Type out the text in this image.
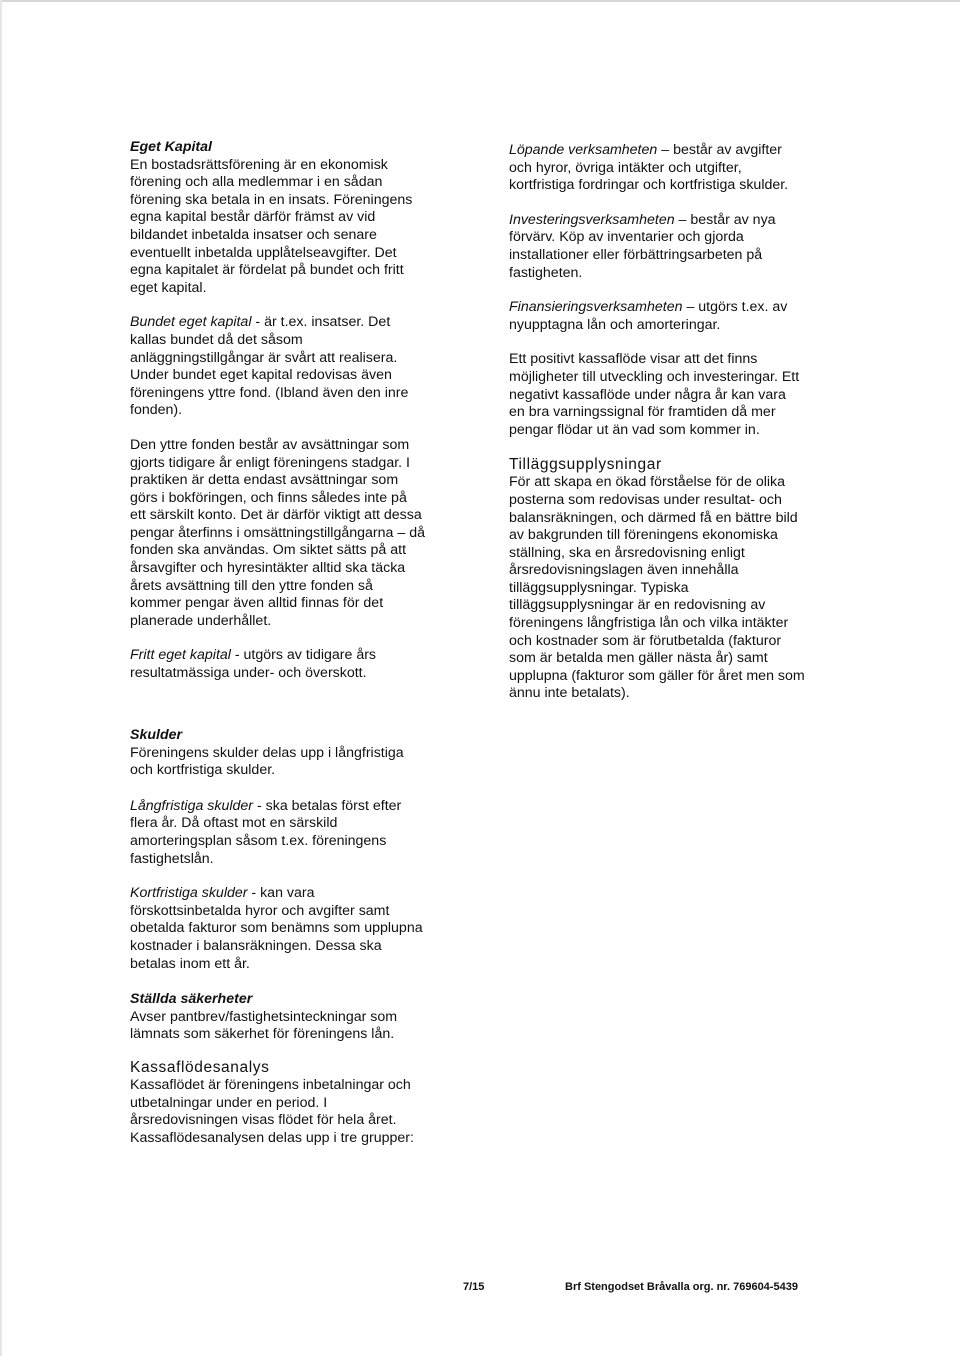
Eget Kapital

En bostadsrättsförening är en ekonomisk
förening och alla medlemmar i en sådan
förening ska betala in en insats. Föreningens
egna kapital består därför främst av vid
bildandet inbetalda insatser och senare
eventuellt inbetalda upplåtelseavgifter. Det
egna kapitalet är fördelat på bundet och fritt
eget kapital.

Bundet eget kapital - är t.ex. insatser. Det
kallas bundet då det såsom
anläggningstillgångar är svårt att realisera.
Under bundet eget kapital redovisas även
föreningens yttre fond. (Ibland även den inre
fonden).

Den yttre fonden består av avsättningar som
gjorts tidigare år enligt föreningens stadgar. I
praktiken är detta endast avsättningar som
görs i bokföringen, och finns således inte på
ett särskilt konto. Det är därför viktigt att dessa
pengar återfinns i omsättningstillgångarna – då
fonden ska användas. Om siktet sätts på att
årsavgifter och hyresintäkter alltid ska täcka
årets avsättning till den yttre fonden så
kommer pengar även alltid finnas för det
planerade underhållet.

Fritt eget kapital - utgörs av tidigare års
resultatmässiga under- och överskott.

Skulder

Föreningens skulder delas upp i långfristiga
och kortfristiga skulder.

Långfristiga skulder - ska betalas först efter
flera år. Då oftast mot en särskild
amorteringsplan såsom t.ex. föreningens
fastighetslån.

Kortfristiga skulder - kan vara
förskottsinbetalda hyror och avgifter samt
obetalda fakturor som benämns som upplupna
kostnader i balansräkningen. Dessa ska
betalas inom ett år.

Ställda säkerheter

Avser pantbrev/fastighetsinteckningar som
lämnats som säkerhet för föreningens lån.

Kassaflödesanalys

Kassaflödet är föreningens inbetalningar och
utbetalningar under en period. I
årsredovisningen visas flödet för hela året.
Kassaflödesanalysen delas upp i tre grupper:

Löpande verksamheten – består av avgifter
och hyror, övriga intäkter och utgifter,
kortfristiga fordringar och kortfristiga skulder.

Investeringsverksamheten – består av nya
förvärv. Köp av inventarier och gjorda
installationer eller förbättringsarbeten på
fastigheten.

Finansieringsverksamheten – utgörs t.ex. av
nyupptagna lån och amorteringar.

Ett positivt kassaflöde visar att det finns
möjligheter till utveckling och investeringar. Ett
negativt kassaflöde under några år kan vara
en bra varningssignal för framtiden då mer
pengar flödar ut än vad som kommer in.

Tilläggsupplysningar

För att skapa en ökad förståelse för de olika
posterna som redovisas under resultat- och
balansräkningen, och därmed få en bättre bild
av bakgrunden till föreningens ekonomiska
ställning, ska en årsredovisning enligt
årsredovisningslagen även innehålla
tilläggsupplysningar. Typiska
tilläggsupplysningar är en redovisning av
föreningens långfristiga lån och vilka intäkter
och kostnader som är förutbetalda (fakturor
som är betalda men gäller nästa år) samt
upplupna (fakturor som gäller för året men som
ännu inte betalats).

7/15	Brf Stengodset Bråvalla org. nr. 769604-5439
